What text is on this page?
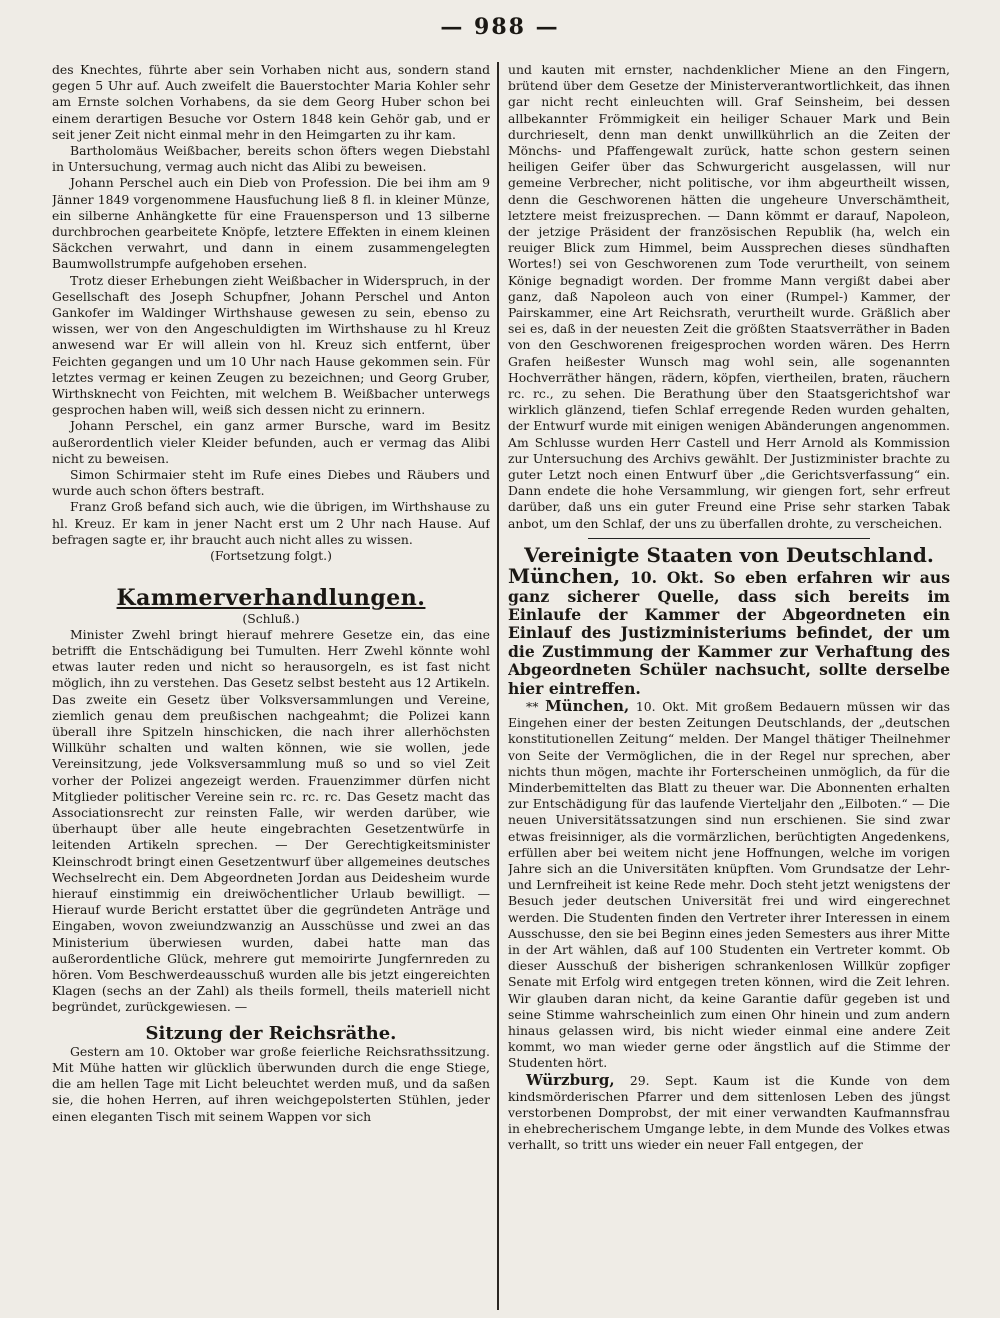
— 988 —

des Knechtes, führte aber sein Vorhaben nicht aus, sondern stand gegen 5 Uhr auf. Auch zweifelt die Bauerstochter Maria Kohler sehr am Ernste solchen Vorhabens, da sie dem Georg Huber schon bei einem derartigen Besuche vor Ostern 1848 kein Gehör gab, und er seit jener Zeit nicht einmal mehr in den Heimgarten zu ihr kam.

Bartholomäus Weißbacher, bereits schon öfters wegen Diebstahl in Untersuchung, vermag auch nicht das Alibi zu beweisen.

Johann Perschel auch ein Dieb von Profession. Die bei ihm am 9 Jänner 1849 vorgenommene Hausfuchung ließ 8 fl. in kleiner Münze, ein silberne Anhängkette für eine Frauensperson und 13 silberne durchbrochen gearbeitete Knöpfe, letztere Effekten in einem kleinen Säckchen verwahrt, und dann in einem zusammengelegten Baumwollstrumpfe aufgehoben ersehen.

Trotz dieser Erhebungen zieht Weißbacher in Widerspruch, in der Gesellschaft des Joseph Schupfner, Johann Perschel und Anton Gankofer im Waldinger Wirthshause gewesen zu sein, ebenso zu wissen, wer von den Angeschuldigten im Wirthshause zu hl Kreuz anwesend war Er will allein von hl. Kreuz sich entfernt, über Feichten gegangen und um 10 Uhr nach Hause gekommen sein. Für letztes vermag er keinen Zeugen zu bezeichnen; und Georg Gruber, Wirthsknecht von Feichten, mit welchem B. Weißbacher unterwegs gesprochen haben will, weiß sich dessen nicht zu erinnern.

Johann Perschel, ein ganz armer Bursche, ward im Besitz außerordentlich vieler Kleider befunden, auch er vermag das Alibi nicht zu beweisen.

Simon Schirmaier steht im Rufe eines Diebes und Räubers und wurde auch schon öfters bestraft.

Franz Groß befand sich auch, wie die übrigen, im Wirthshause zu hl. Kreuz. Er kam in jener Nacht erst um 2 Uhr nach Hause. Auf befragen sagte er, ihr braucht auch nicht alles zu wissen.

(Fortsetzung folgt.)

Kammerverhandlungen.

(Schluß.)

Minister Zwehl bringt hierauf mehrere Gesetze ein, das eine betrifft die Entschädigung bei Tumulten. Herr Zwehl könnte wohl etwas lauter reden und nicht so herausorgeln, es ist fast nicht möglich, ihn zu verstehen. Das Gesetz selbst besteht aus 12 Artikeln. Das zweite ein Gesetz über Volksversammlungen und Vereine, ziemlich genau dem preußischen nachgeahmt; die Polizei kann überall ihre Spitzeln hinschicken, die nach ihrer allerhöchsten Willkühr schalten und walten können, wie sie wollen, jede Vereinsitzung, jede Volksversammlung muß so und so viel Zeit vorher der Polizei angezeigt werden. Frauenzimmer dürfen nicht Mitglieder politischer Vereine sein rc. rc. rc. Das Gesetz macht das Associationsrecht zur reinsten Falle, wir werden darüber, wie überhaupt über alle heute eingebrachten Gesetzentwürfe in leitenden Artikeln sprechen. — Der Gerechtigkeitsminister Kleinschrodt bringt einen Gesetzentwurf über allgemeines deutsches Wechselrecht ein. Dem Abgeordneten Jordan aus Deidesheim wurde hierauf einstimmig ein dreiwöchentlicher Urlaub bewilligt. — Hierauf wurde Bericht erstattet über die gegründeten Anträge und Eingaben, wovon zweiundzwanzig an Ausschüsse und zwei an das Ministerium überwiesen wurden, dabei hatte man das außerordentliche Glück, mehrere gut memoirirte Jungfernreden zu hören. Vom Beschwerdeausschuß wurden alle bis jetzt eingereichten Klagen (sechs an der Zahl) als theils formell, theils materiell nicht begründet, zurückgewiesen. —

Sitzung der Reichsräthe.

Gestern am 10. Oktober war große feierliche Reichsrathssitzung. Mit Mühe hatten wir glücklich überwunden durch die enge Stiege, die am hellen Tage mit Licht beleuchtet werden muß, und da saßen sie, die hohen Herren, auf ihren weichgepolsterten Stühlen, jeder einen eleganten Tisch mit seinem Wappen vor sich

und kauten mit ernster, nachdenklicher Miene an den Fingern, brütend über dem Gesetze der Ministerverantwortlichkeit, das ihnen gar nicht recht einleuchten will. Graf Seinsheim, bei dessen allbekannter Frömmigkeit ein heiliger Schauer Mark und Bein durchrieselt, denn man denkt unwillkührlich an die Zeiten der Mönchs- und Pfaffengewalt zurück, hatte schon gestern seinen heiligen Geifer über das Schwurgericht ausgelassen, will nur gemeine Verbrecher, nicht politische, vor ihm abgeurtheilt wissen, denn die Geschworenen hätten die ungeheure Unverschämtheit, letztere meist freizusprechen. — Dann kömmt er darauf, Napoleon, der jetzige Präsident der französischen Republik (ha, welch ein reuiger Blick zum Himmel, beim Aussprechen dieses sündhaften Wortes!) sei von Geschworenen zum Tode verurtheilt, von seinem Könige begnadigt worden. Der fromme Mann vergißt dabei aber ganz, daß Napoleon auch von einer (Rumpel-) Kammer, der Pairskammer, eine Art Reichsrath, verurtheilt wurde. Gräßlich aber sei es, daß in der neuesten Zeit die größten Staatsverräther in Baden von den Geschworenen freigesprochen worden wären. Des Herrn Grafen heißester Wunsch mag wohl sein, alle sogenannten Hochverräther hängen, rädern, köpfen, viertheilen, braten, räuchern rc. rc., zu sehen. Die Berathung über den Staatsgerichtshof war wirklich glänzend, tiefen Schlaf erregende Reden wurden gehalten, der Entwurf wurde mit einigen wenigen Abänderungen angenommen. Am Schlusse wurden Herr Castell und Herr Arnold als Kommission zur Untersuchung des Archivs gewählt. Der Justizminister brachte zu guter Letzt noch einen Entwurf über „die Gerichtsverfassung“ ein. Dann endete die hohe Versammlung, wir giengen fort, sehr erfreut darüber, daß uns ein guter Freund eine Prise sehr starken Tabak anbot, um den Schlaf, der uns zu überfallen drohte, zu verscheichen.

Vereinigte Staaten von Deutschland.

München, 10. Okt. So eben erfahren wir aus ganz sicherer Quelle, dass sich bereits im Einlaufe der Kammer der Abgeordneten ein Einlauf des Justizministeriums befindet, der um die Zustimmung der Kammer zur Verhaftung des Abgeordneten Schüler nachsucht, sollte derselbe hier eintreffen.

** München, 10. Okt. Mit großem Bedauern müssen wir das Eingehen einer der besten Zeitungen Deutschlands, der „deutschen konstitutionellen Zeitung“ melden. Der Mangel thätiger Theilnehmer von Seite der Vermöglichen, die in der Regel nur sprechen, aber nichts thun mögen, machte ihr Forterscheinen unmöglich, da für die Minderbemittelten das Blatt zu theuer war. Die Abonnenten erhalten zur Entschädigung für das laufende Vierteljahr den „Eilboten.“ — Die neuen Universitätssatzungen sind nun erschienen. Sie sind zwar etwas freisinniger, als die vormärzlichen, berüchtigten Angedenkens, erfüllen aber bei weitem nicht jene Hoffnungen, welche im vorigen Jahre sich an die Universitäten knüpften. Vom Grundsatze der Lehr- und Lernfreiheit ist keine Rede mehr. Doch steht jetzt wenigstens der Besuch jeder deutschen Universität frei und wird eingerechnet werden. Die Studenten finden den Vertreter ihrer Interessen in einem Ausschusse, den sie bei Beginn eines jeden Semesters aus ihrer Mitte in der Art wählen, daß auf 100 Studenten ein Vertreter kommt. Ob dieser Ausschuß der bisherigen schrankenlosen Willkür zopfiger Senate mit Erfolg wird entgegen treten können, wird die Zeit lehren. Wir glauben daran nicht, da keine Garantie dafür gegeben ist und seine Stimme wahrscheinlich zum einen Ohr hinein und zum andern hinaus gelassen wird, bis nicht wieder einmal eine andere Zeit kommt, wo man wieder gerne oder ängstlich auf die Stimme der Studenten hört.

Würzburg, 29. Sept. Kaum ist die Kunde von dem kindsmörderischen Pfarrer und dem sittenlosen Leben des jüngst verstorbenen Domprobst, der mit einer verwandten Kaufmannsfrau in ehebrecherischem Umgange lebte, in dem Munde des Volkes etwas verhallt, so tritt uns wieder ein neuer Fall entgegen, der
